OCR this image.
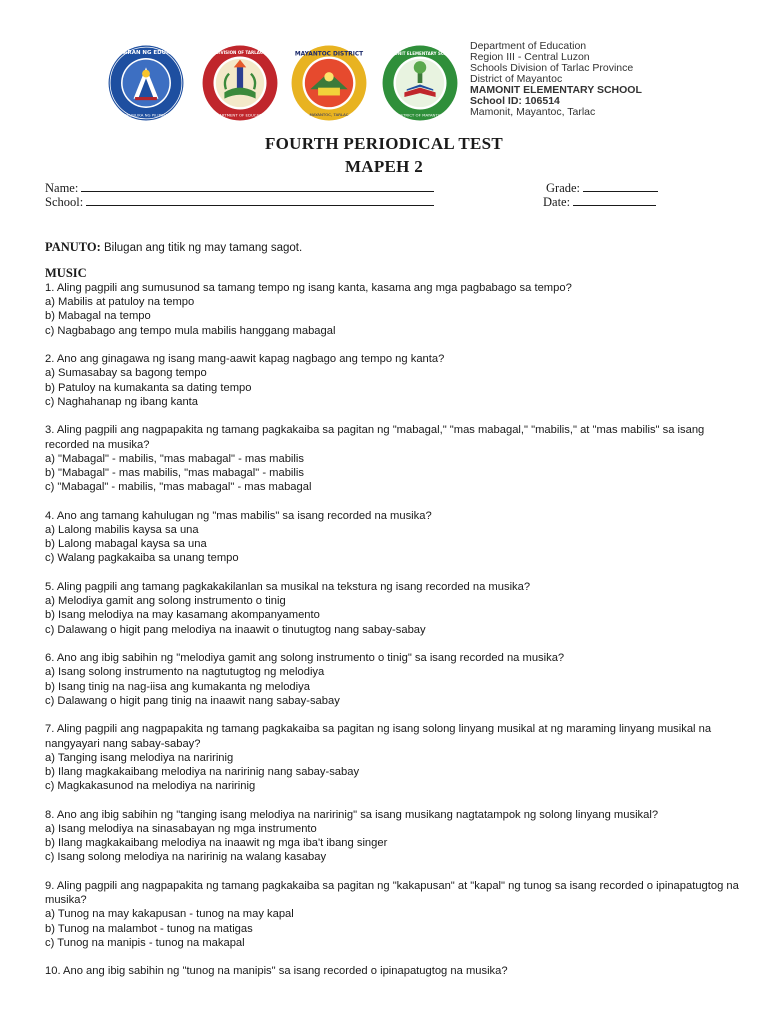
KAGAWARAN NG EDUKASYON
REPUBLIKA NG PILIPINAS
SCHOOLS DIVISION OF TARLAC PROVINCE
DEPARTMENT OF EDUCATION
MAYANTOC DISTRICT
MAYANTOC, TARLAC
MAMONIT ELEMENTARY SCHOOL
DISTRICT OF MAYANTOC
Department of Education
Region III - Central Luzon
Schools Division of Tarlac Province
District of Mayantoc
MAMONIT ELEMENTARY SCHOOL
School ID: 106514
Mamonit, Mayantoc, Tarlac
FOURTH PERIODICAL TEST
MAPEH 2
Name:
School:
Grade:
Date:
PANUTO: Bilugan ang titik ng may tamang sagot.
MUSIC
1. Aling pagpili ang sumusunod sa tamang tempo ng isang kanta, kasama ang mga pagbabago sa tempo?
a) Mabilis at patuloy na tempo
b) Mabagal na tempo
c) Nagbabago ang tempo mula mabilis hanggang mabagal
2. Ano ang ginagawa ng isang mang-aawit kapag nagbago ang tempo ng kanta?
a) Sumasabay sa bagong tempo
b) Patuloy na kumakanta sa dating tempo
c) Naghahanap ng ibang kanta
3. Aling pagpili ang nagpapakita ng tamang pagkakaiba sa pagitan ng "mabagal," "mas mabagal," "mabilis," at "mas mabilis" sa isang recorded na musika?
a) "Mabagal" - mabilis, "mas mabagal" - mas mabilis
b) "Mabagal" - mas mabilis, "mas mabagal" - mabilis
c) "Mabagal" - mabilis, "mas mabagal" - mas mabagal
4. Ano ang tamang kahulugan ng "mas mabilis" sa isang recorded na musika?
a) Lalong mabilis kaysa sa una
b) Lalong mabagal kaysa sa una
c) Walang pagkakaiba sa unang tempo
5. Aling pagpili ang tamang pagkakakilanlan sa musikal na tekstura ng isang recorded na musika?
a) Melodiya gamit ang solong instrumento o tinig
b) Isang melodiya na may kasamang akompanyamento
c) Dalawang o higit pang melodiya na inaawit o tinutugtog nang sabay-sabay
6. Ano ang ibig sabihin ng "melodiya gamit ang solong instrumento o tinig" sa isang recorded na musika?
a) Isang solong instrumento na nagtutugtog ng melodiya
b) Isang tinig na nag-iisa ang kumakanta ng melodiya
c) Dalawang o higit pang tinig na inaawit nang sabay-sabay
7. Aling pagpili ang nagpapakita ng tamang pagkakaiba sa pagitan ng isang solong linyang musikal at ng maraming linyang musikal na nangyayari nang sabay-sabay?
a) Tanging isang melodiya na naririnig
b) Ilang magkakaibang melodiya na naririnig nang sabay-sabay
c) Magkakasunod na melodiya na naririnig
8. Ano ang ibig sabihin ng "tanging isang melodiya na naririnig" sa isang musikang nagtatampok ng solong linyang musikal?
a) Isang melodiya na sinasabayan ng mga instrumento
b) Ilang magkakaibang melodiya na inaawit ng mga iba't ibang singer
c) Isang solong melodiya na naririnig na walang kasabay
9. Aling pagpili ang nagpapakita ng tamang pagkakaiba sa pagitan ng "kakapusan" at "kapal" ng tunog sa isang recorded o ipinapatugtog na musika?
a) Tunog na may kakapusan - tunog na may kapal
b) Tunog na malambot - tunog na matigas
c) Tunog na manipis - tunog na makapal
10. Ano ang ibig sabihin ng "tunog na manipis" sa isang recorded o ipinapatugtog na musika?
